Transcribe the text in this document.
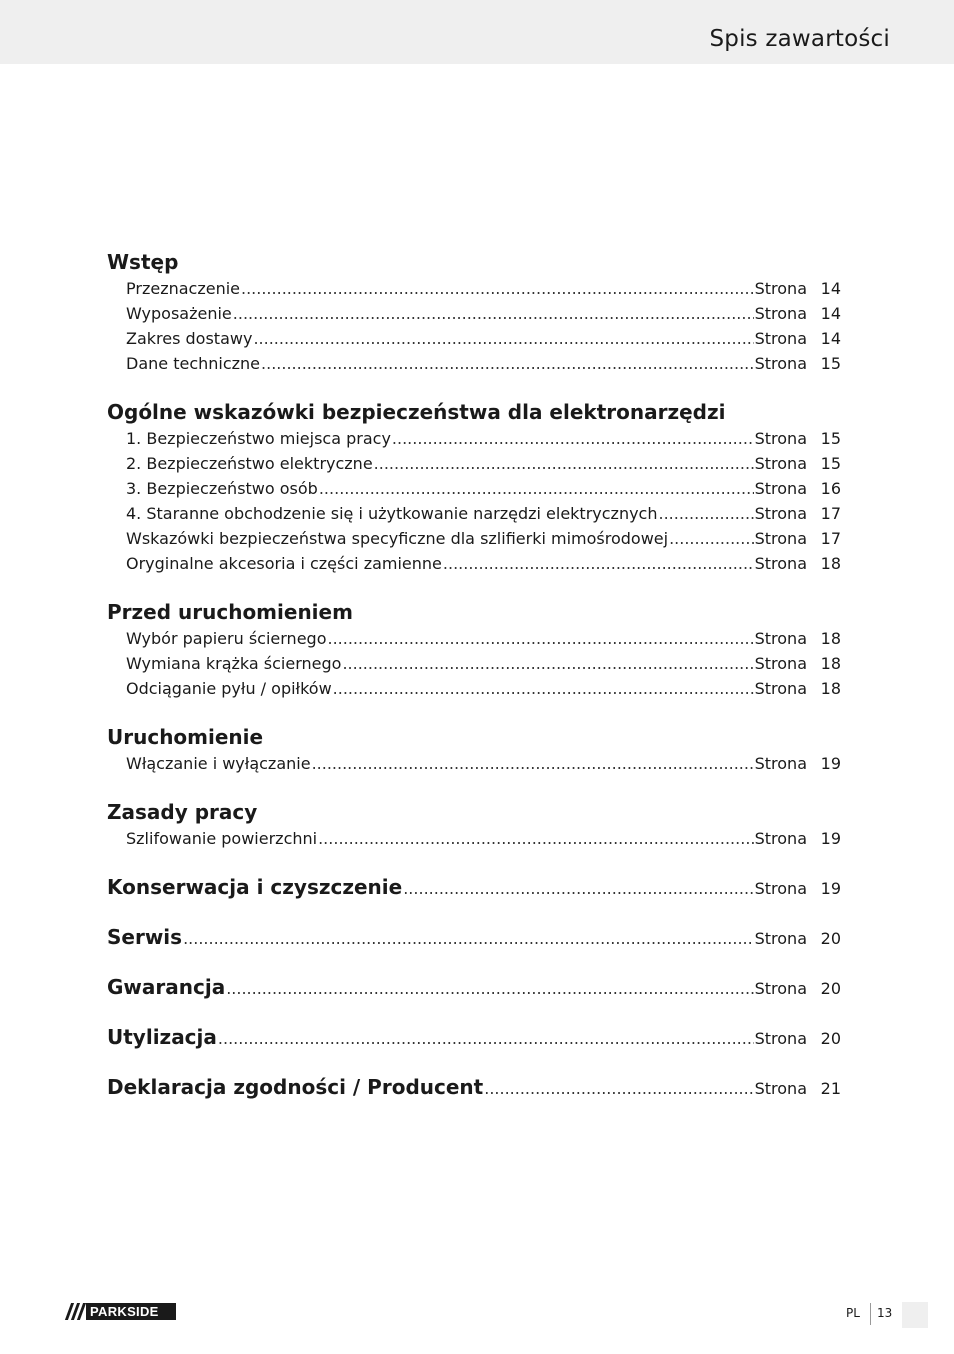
Spis zawartości
Wstęp
Przeznaczenie .....	Strona 14
Wyposażenie .....	Strona 14
Zakres dostawy .....	Strona 14
Dane techniczne .....	Strona 15
Ogólne wskazówki bezpieczeństwa dla elektronarzędzi
1. Bezpieczeństwo miejsca pracy .....	Strona 15
2. Bezpieczeństwo elektryczne .....	Strona 15
3. Bezpieczeństwo osób .....	Strona 16
4. Staranne obchodzenie się i użytkowanie narzędzi elektrycznych .....	Strona 17
Wskazówki bezpieczeństwa specyficzne dla szlifierki mimośrodowej .....	Strona 17
Oryginalne akcesoria i części zamienne .....	Strona 18
Przed uruchomieniem
Wybór papieru ściernego .....	Strona 18
Wymiana krążka ściernego .....	Strona 18
Odciąganie pyłu / opiłków .....	Strona 18
Uruchomienie
Włączanie i wyłączanie .....	Strona 19
Zasady pracy
Szlifowanie powierzchni .....	Strona 19
Konserwacja i czyszczenie .....	Strona 19
Serwis .....	Strona 20
Gwarancja .....	Strona 20
Utylizacja .....	Strona 20
Deklaracja zgodności / Producent .....	Strona 21
PARKSIDE	PL 13
